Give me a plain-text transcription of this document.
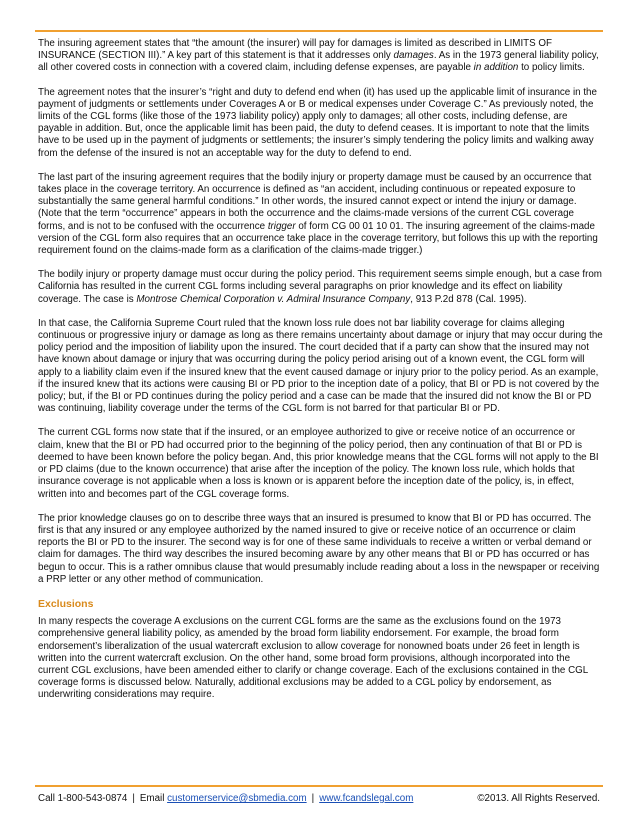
The insuring agreement states that “the amount (the insurer) will pay for damages is limited as described in LIMITS OF INSURANCE (SECTION III).” A key part of this statement is that it addresses only damages. As in the 1973 general liability policy, all other covered costs in connection with a covered claim, including defense expenses, are payable in addition to policy limits.

The agreement notes that the insurer’s “right and duty to defend end when (it) has used up the applicable limit of insurance in the payment of judgments or settlements under Coverages A or B or medical expenses under Coverage C.” As previously noted, the limits of the CGL forms (like those of the 1973 liability policy) apply only to damages; all other costs, including defense, are payable in addition. But, once the applicable limit has been paid, the duty to defend ceases. It is important to note that the limits have to be used up in the payment of judgments or settlements; the insurer’s simply tendering the policy limits and walking away from the defense of the insured is not an acceptable way for the duty to defend to end.

The last part of the insuring agreement requires that the bodily injury or property damage must be caused by an occurrence that takes place in the coverage territory. An occurrence is defined as “an accident, including continuous or repeated exposure to substantially the same general harmful conditions.” In other words, the insured cannot expect or intend the injury or damage. (Note that the term “occurrence” appears in both the occurrence and the claims-made versions of the current CGL coverage forms, and is not to be confused with the occurrence trigger of form CG 00 01 10 01. The insuring agreement of the claims-made version of the CGL form also requires that an occurrence take place in the coverage territory, but follows this up with the reporting requirement found on the claims-made form as a clarification of the claims-made trigger.)

The bodily injury or property damage must occur during the policy period. This requirement seems simple enough, but a case from California has resulted in the current CGL forms including several paragraphs on prior knowledge and its effect on liability coverage. The case is Montrose Chemical Corporation v. Admiral Insurance Company, 913 P.2d 878 (Cal. 1995).

In that case, the California Supreme Court ruled that the known loss rule does not bar liability coverage for claims alleging continuous or progressive injury or damage as long as there remains uncertainty about damage or injury that may occur during the policy period and the imposition of liability upon the insured. The court decided that if a party can show that the insured may not have known about damage or injury that was occurring during the policy period arising out of a known event, the CGL form will apply to a liability claim even if the insured knew that the event caused damage or injury prior to the policy period. As an example, if the insured knew that its actions were causing BI or PD prior to the inception date of a policy, that BI or PD is not covered by the policy; but, if the BI or PD continues during the policy period and a case can be made that the insured did not know the BI or PD was continuing, liability coverage under the terms of the CGL form is not barred for that particular BI or PD.

The current CGL forms now state that if the insured, or an employee authorized to give or receive notice of an occurrence or claim, knew that the BI or PD had occurred prior to the beginning of the policy period, then any continuation of that BI or PD is deemed to have been known before the policy began. And, this prior knowledge means that the CGL forms will not apply to the BI or PD claims (due to the known occurrence) that arise after the inception of the policy. The known loss rule, which holds that insurance coverage is not applicable when a loss is known or is apparent before the inception date of the policy, is, in effect, written into and becomes part of the CGL coverage forms.

The prior knowledge clauses go on to describe three ways that an insured is presumed to know that BI or PD has occurred. The first is that any insured or any employee authorized by the named insured to give or receive notice of an occurrence or claim reports the BI or PD to the insurer. The second way is for one of these same individuals to receive a written or verbal demand or claim for damages. The third way describes the insured becoming aware by any other means that BI or PD has occurred or has begun to occur. This is a rather omnibus clause that would presumably include reading about a loss in the newspaper or receiving a PRP letter or any other method of communication.

Exclusions

In many respects the coverage A exclusions on the current CGL forms are the same as the exclusions found on the 1973 comprehensive general liability policy, as amended by the broad form liability endorsement. For example, the broad form endorsement’s liberalization of the usual watercraft exclusion to allow coverage for nonowned boats under 26 feet in length is written into the current watercraft exclusion. On the other hand, some broad form provisions, although incorporated into the current CGL exclusions, have been amended either to clarify or change coverage. Each of the exclusions contained in the CGL coverage forms is discussed below. Naturally, additional exclusions may be added to a CGL policy by endorsement, as underwriting considerations may require.

Call 1-800-543-0874 | Email customerservice@sbmedia.com | www.fcandslegal.com	©2013. All Rights Reserved.
